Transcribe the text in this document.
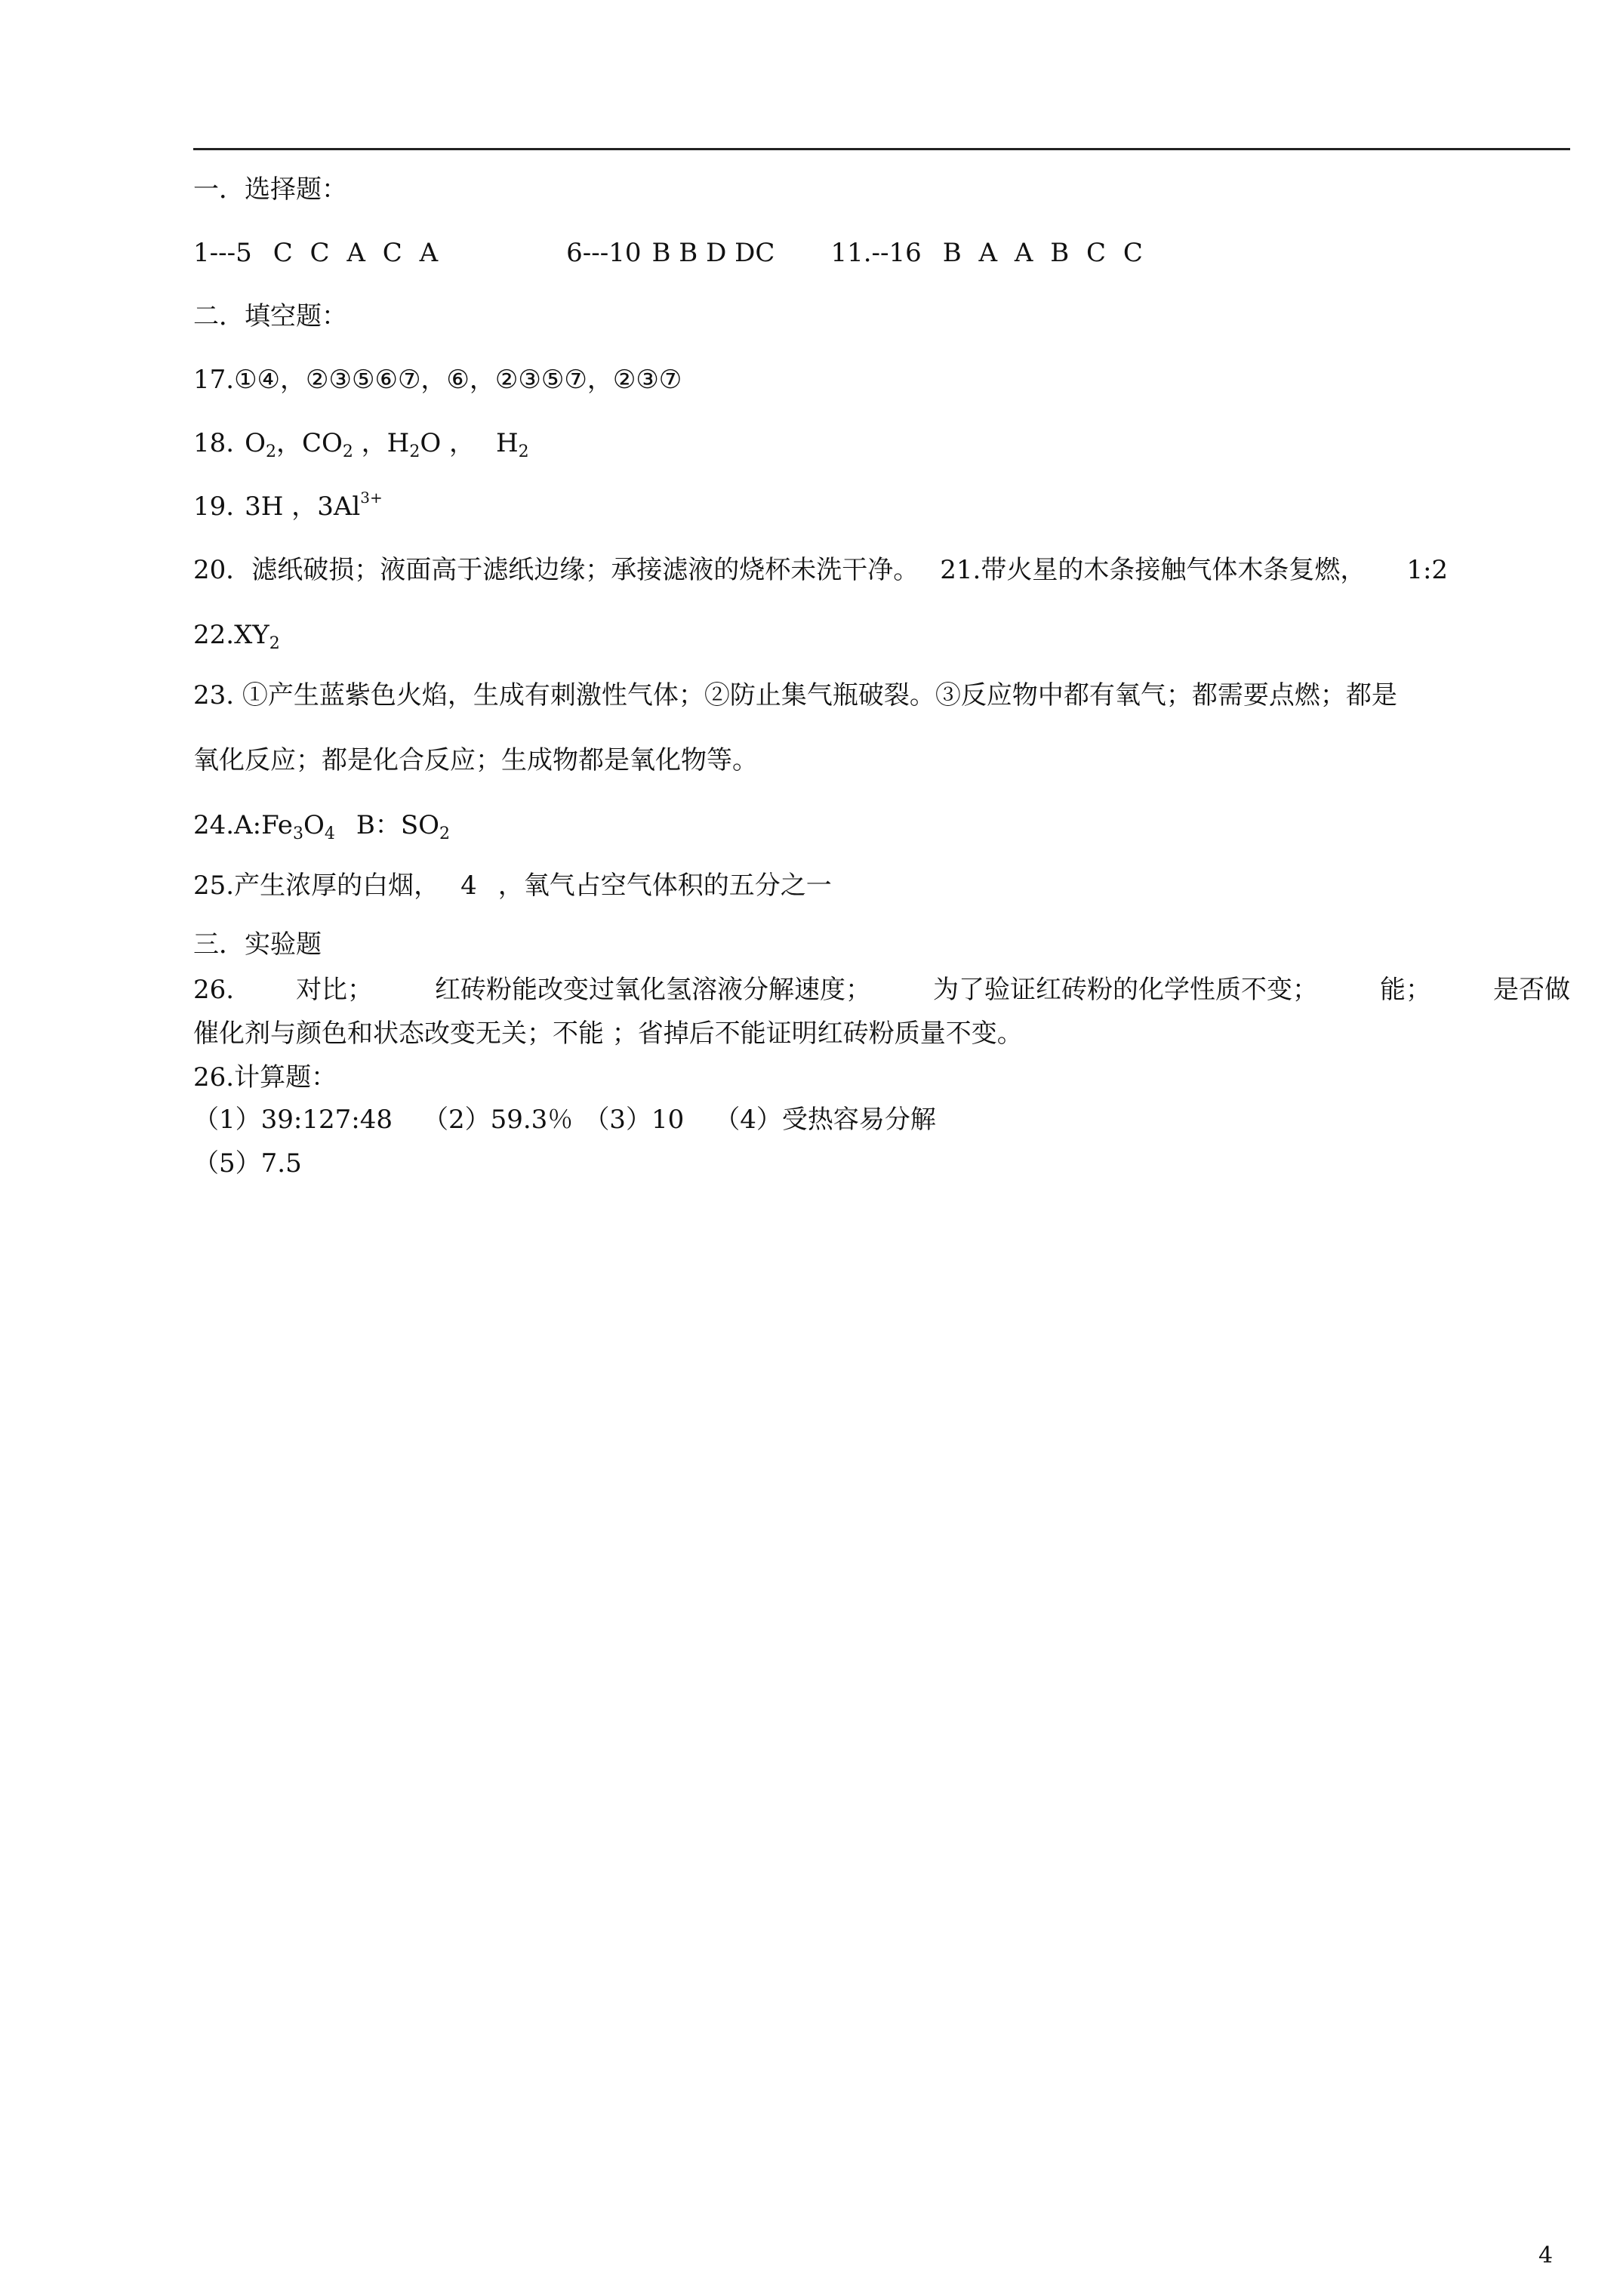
一．选择题：
1---5 C C A C A	6---10 B B D DC 11.--16 B A A B C C
二．填空题：
17.①④，②③⑤⑥⑦，⑥，②③⑤⑦，②③⑦
18. $O_2$，$CO_2$ ，$H_2O$ ， $H_2$
19. 3H ，$3Al^{3+}$
20．滤纸破损；液面高于滤纸边缘；承接滤液的烧杯未洗干净。 21.带火星的木条接触气体木条复燃， 1:2
$22.XY_2$
23. ①产生蓝紫色火焰，生成有刺激性气体；②防止集气瓶破裂。③反应物中都有氧气；都需要点燃；都是
氧化反应；都是化合反应；生成物都是氧化物等。
$24.A:Fe_3O_4$ B：$SO_2$
25.产生浓厚的白烟， 4 ，氧气占空气体积的五分之一
三．实验题
26. 对比； 红砖粉能改变过氧化氢溶液分解速度； 为了验证红砖粉的化学性质不变； 能； 是否做
催化剂与颜色和状态改变无关；不能 ；省掉后不能证明红砖粉质量不变。
26.计算题：
（1）39:127:48 （2）59.3％ （3）10 （4）受热容易分解
（5）7.5
4
